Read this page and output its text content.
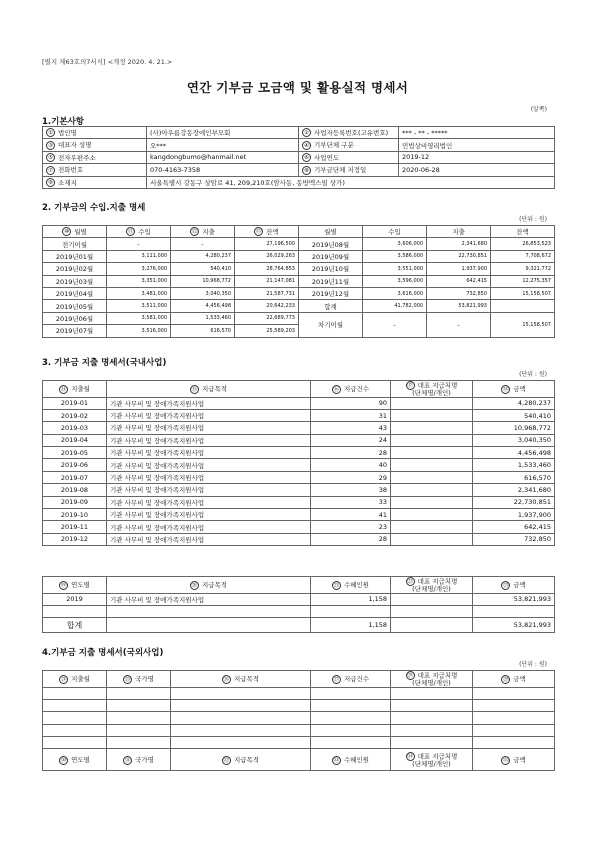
[별지 제63호의7서식] <개정 2020. 4. 21.>
연간 기부금 모금액 및 활용실적 명세서
(앞쪽)
1.기본사항
① 법인명	(사)아우름강동장애인부모회	② 사업자등록번호(고유번호)	*** - ** - *****
③ 대표자 성명	오***	④ 기부단체 구분	민법상비영리법인
⑤ 전자우편주소	kangdongbumo@hanmail.net	⑥ 사업연도	2019-12
⑦ 전화번호	070-4163-7358	⑧ 기부금단체 지정일	2020-06-28
⑨ 소재지	서울특별시 강동구 상암로 41, 209,210호(암사동, 동방멕스빌 상가)		
2. 기부금의 수입.지출 명세
(단위 : 원)
⑩ 월별	⑪ 수입	⑫ 지출	⑬ 잔액	월별	수입	지출	잔액
전기이월	-	-	27,196,500	2019년08월	3,606,000	2,341,680	26,853,523
2019년01월	3,111,000	4,280,237	26,029,263	2019년09월	3,586,000	22,730,851	7,708,672
2019년02월	3,276,000	540,410	28,764,853	2019년10월	3,551,000	1,937,900	9,321,772
2019년03월	3,351,000	10,968,772	21,147,081	2019년11월	3,596,000	642,415	12,275,357
2019년04월	3,481,000	3,040,350	21,587,731	2019년12월	3,616,000	732,850	15,158,507
2019년05월	3,511,000	4,456,498	20,642,233	합계	41,782,000	53,821,993	
2019년06월	3,581,000	1,533,460	22,689,773	차기이월	-	-	15,158,507
2019년07월	3,516,000	616,570	25,589,203				
3. 기부금 지출 명세서(국내사업)
(단위 : 원)
⑭ 지출월	⑮ 지급목적	⑯ 지급건수	⑰ 대표 지급처명
(단체명/개인)	⑱ 금액
2019-01	기관 사무비 및 장애가족지원사업	90		4,280,237
2019-02	기관 사무비 및 장애가족지원사업	31		540,410
2019-03	기관 사무비 및 장애가족지원사업	43		10,968,772
2019-04	기관 사무비 및 장애가족지원사업	24		3,040,350
2019-05	기관 사무비 및 장애가족지원사업	28		4,456,498
2019-06	기관 사무비 및 장애가족지원사업	40		1,533,460
2019-07	기관 사무비 및 장애가족지원사업	29		616,570
2019-08	기관 사무비 및 장애가족지원사업	38		2,341,680
2019-09	기관 사무비 및 장애가족지원사업	33		22,730,851
2019-10	기관 사무비 및 장애가족지원사업	41		1,937,900
2019-11	기관 사무비 및 장애가족지원사업	23		642,415
2019-12	기관 사무비 및 장애가족지원사업	28		732,850
⑲ 연도별	⑳ 지급목적	㉑ 수혜인원	㉒ 대표 지급처명
(단체명/개인)	㉓ 금액
2019	기관 사무비 및 장애가족지원사업	1,158		53,821,993

합계		1,158		53,821,993
4.기부금 지출 명세서(국외사업)
(단위 : 원)
㉔ 지출월	㉕ 국가명	㉖ 지급목적	㉗ 지급건수	㉘ 대표 지급처명
(단체명/개인)	㉙ 금액

㉚ 연도별	㉛ 국가명	㉜ 지급목적	㉝ 수혜인원	㉞ 대표 지급처명
(단체명/개인)	㉟ 금액
